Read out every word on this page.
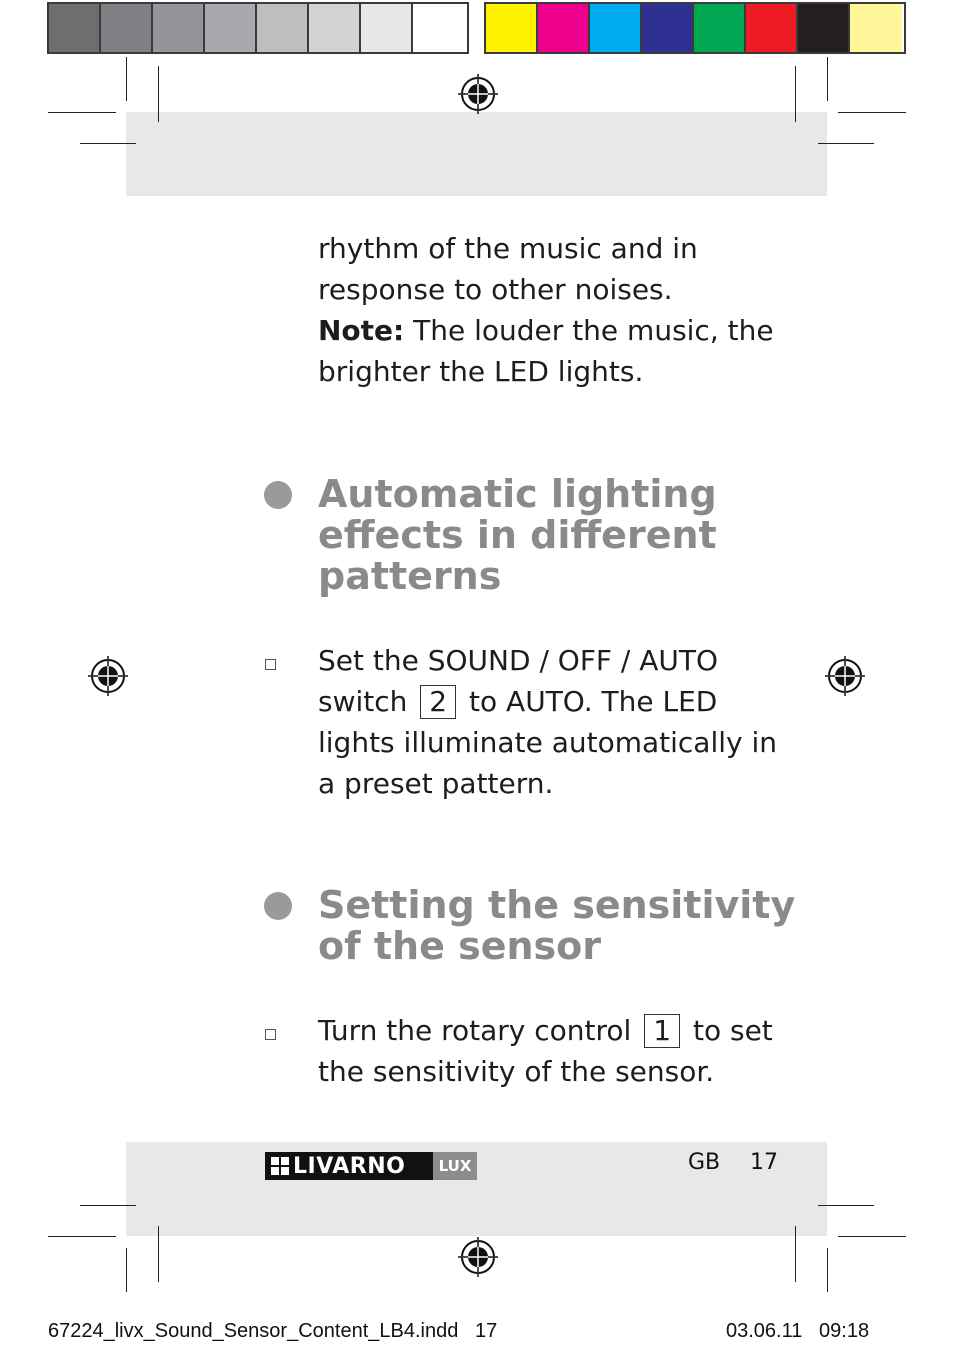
rhythm of the music and in
response to other noises.
Note: The louder the music, the
brighter the LED lights.
Automatic lighting
effects in different
patterns
Set the SOUND / OFF / AUTO
switch 2 to AUTO. The LED
lights illuminate automatically in
a preset pattern.
Setting the sensitivity
of the sensor
Turn the rotary control 1 to set
the sensitivity of the sensor.
LIVARNO LUX	GB 17
67224_livx_Sound_Sensor_Content_LB4.indd 17	03.06.11 09:18
